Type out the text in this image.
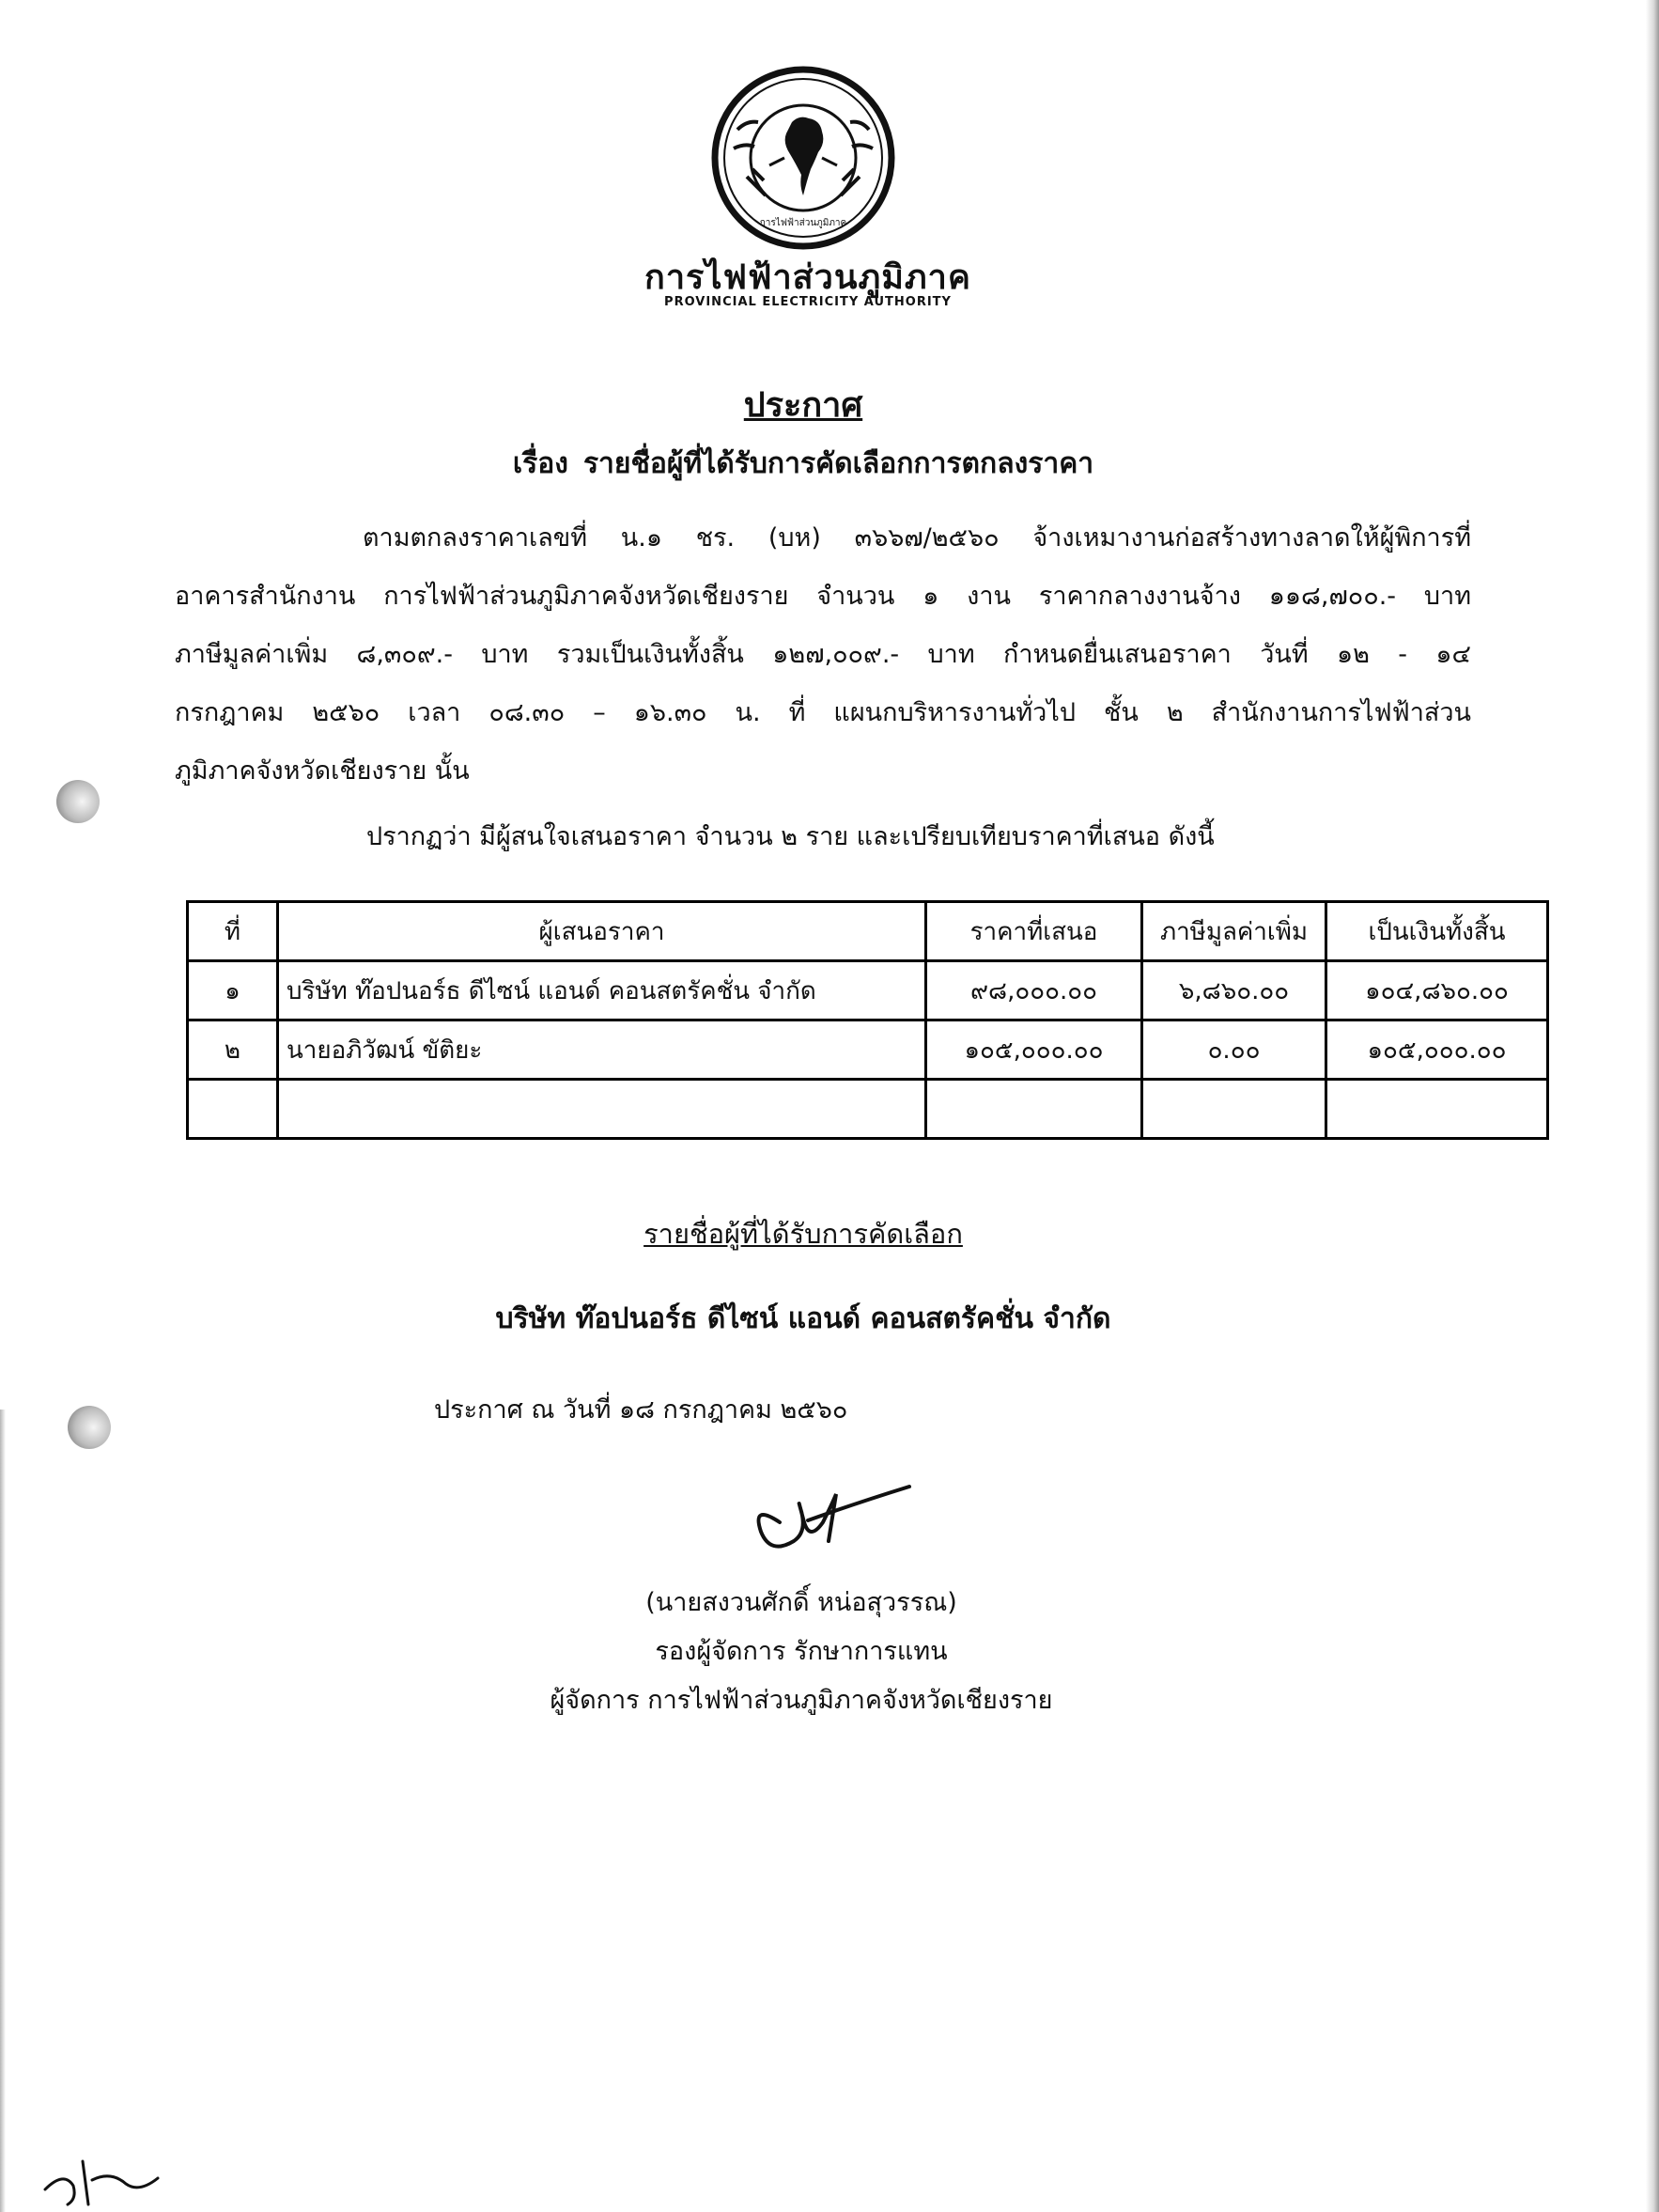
การไฟฟ้าส่วนภูมิภาค
การไฟฟ้าส่วนภูมิภาค
PROVINCIAL ELECTRICITY AUTHORITY
ประกาศ
เรื่อง รายชื่อผู้ที่ได้รับการคัดเลือกการตกลงราคา
ตามตกลงราคาเลขที่ น.๑ ชร. (บห) ๓๖๖๗/๒๕๖๐ จ้างเหมางานก่อสร้างทางลาดให้ผู้พิการที่
อาคารสำนักงาน การไฟฟ้าส่วนภูมิภาคจังหวัดเชียงราย จำนวน ๑ งาน ราคากลางงานจ้าง ๑๑๘,๗๐๐.- บาท
ภาษีมูลค่าเพิ่ม ๘,๓๐๙.- บาท รวมเป็นเงินทั้งสิ้น ๑๒๗,๐๐๙.- บาท กำหนดยื่นเสนอราคา วันที่ ๑๒ - ๑๔
กรกฎาคม ๒๕๖๐ เวลา ๐๘.๓๐ – ๑๖.๓๐ น. ที่ แผนกบริหารงานทั่วไป ชั้น ๒ สำนักงานการไฟฟ้าส่วน
ภูมิภาคจังหวัดเชียงราย นั้น
ปรากฏว่า มีผู้สนใจเสนอราคา จำนวน ๒ ราย และเปรียบเทียบราคาที่เสนอ ดังนี้
ที่	ผู้เสนอราคา	ราคาที่เสนอ	ภาษีมูลค่าเพิ่ม	เป็นเงินทั้งสิ้น
๑	บริษัท ท๊อปนอร์ธ ดีไซน์ แอนด์ คอนสตรัคชั่น จำกัด	๙๘,๐๐๐.๐๐	๖,๘๖๐.๐๐	๑๐๔,๘๖๐.๐๐
๒	นายอภิวัฒน์ ขัติยะ	๑๐๕,๐๐๐.๐๐	๐.๐๐	๑๐๕,๐๐๐.๐๐

รายชื่อผู้ที่ได้รับการคัดเลือก
บริษัท ท๊อปนอร์ธ ดีไซน์ แอนด์ คอนสตรัคชั่น จำกัด
ประกาศ ณ วันที่ ๑๘ กรกฎาคม ๒๕๖๐
(นายสงวนศักดิ์ หน่อสุวรรณ)
รองผู้จัดการ รักษาการแทน
ผู้จัดการ การไฟฟ้าส่วนภูมิภาคจังหวัดเชียงราย
